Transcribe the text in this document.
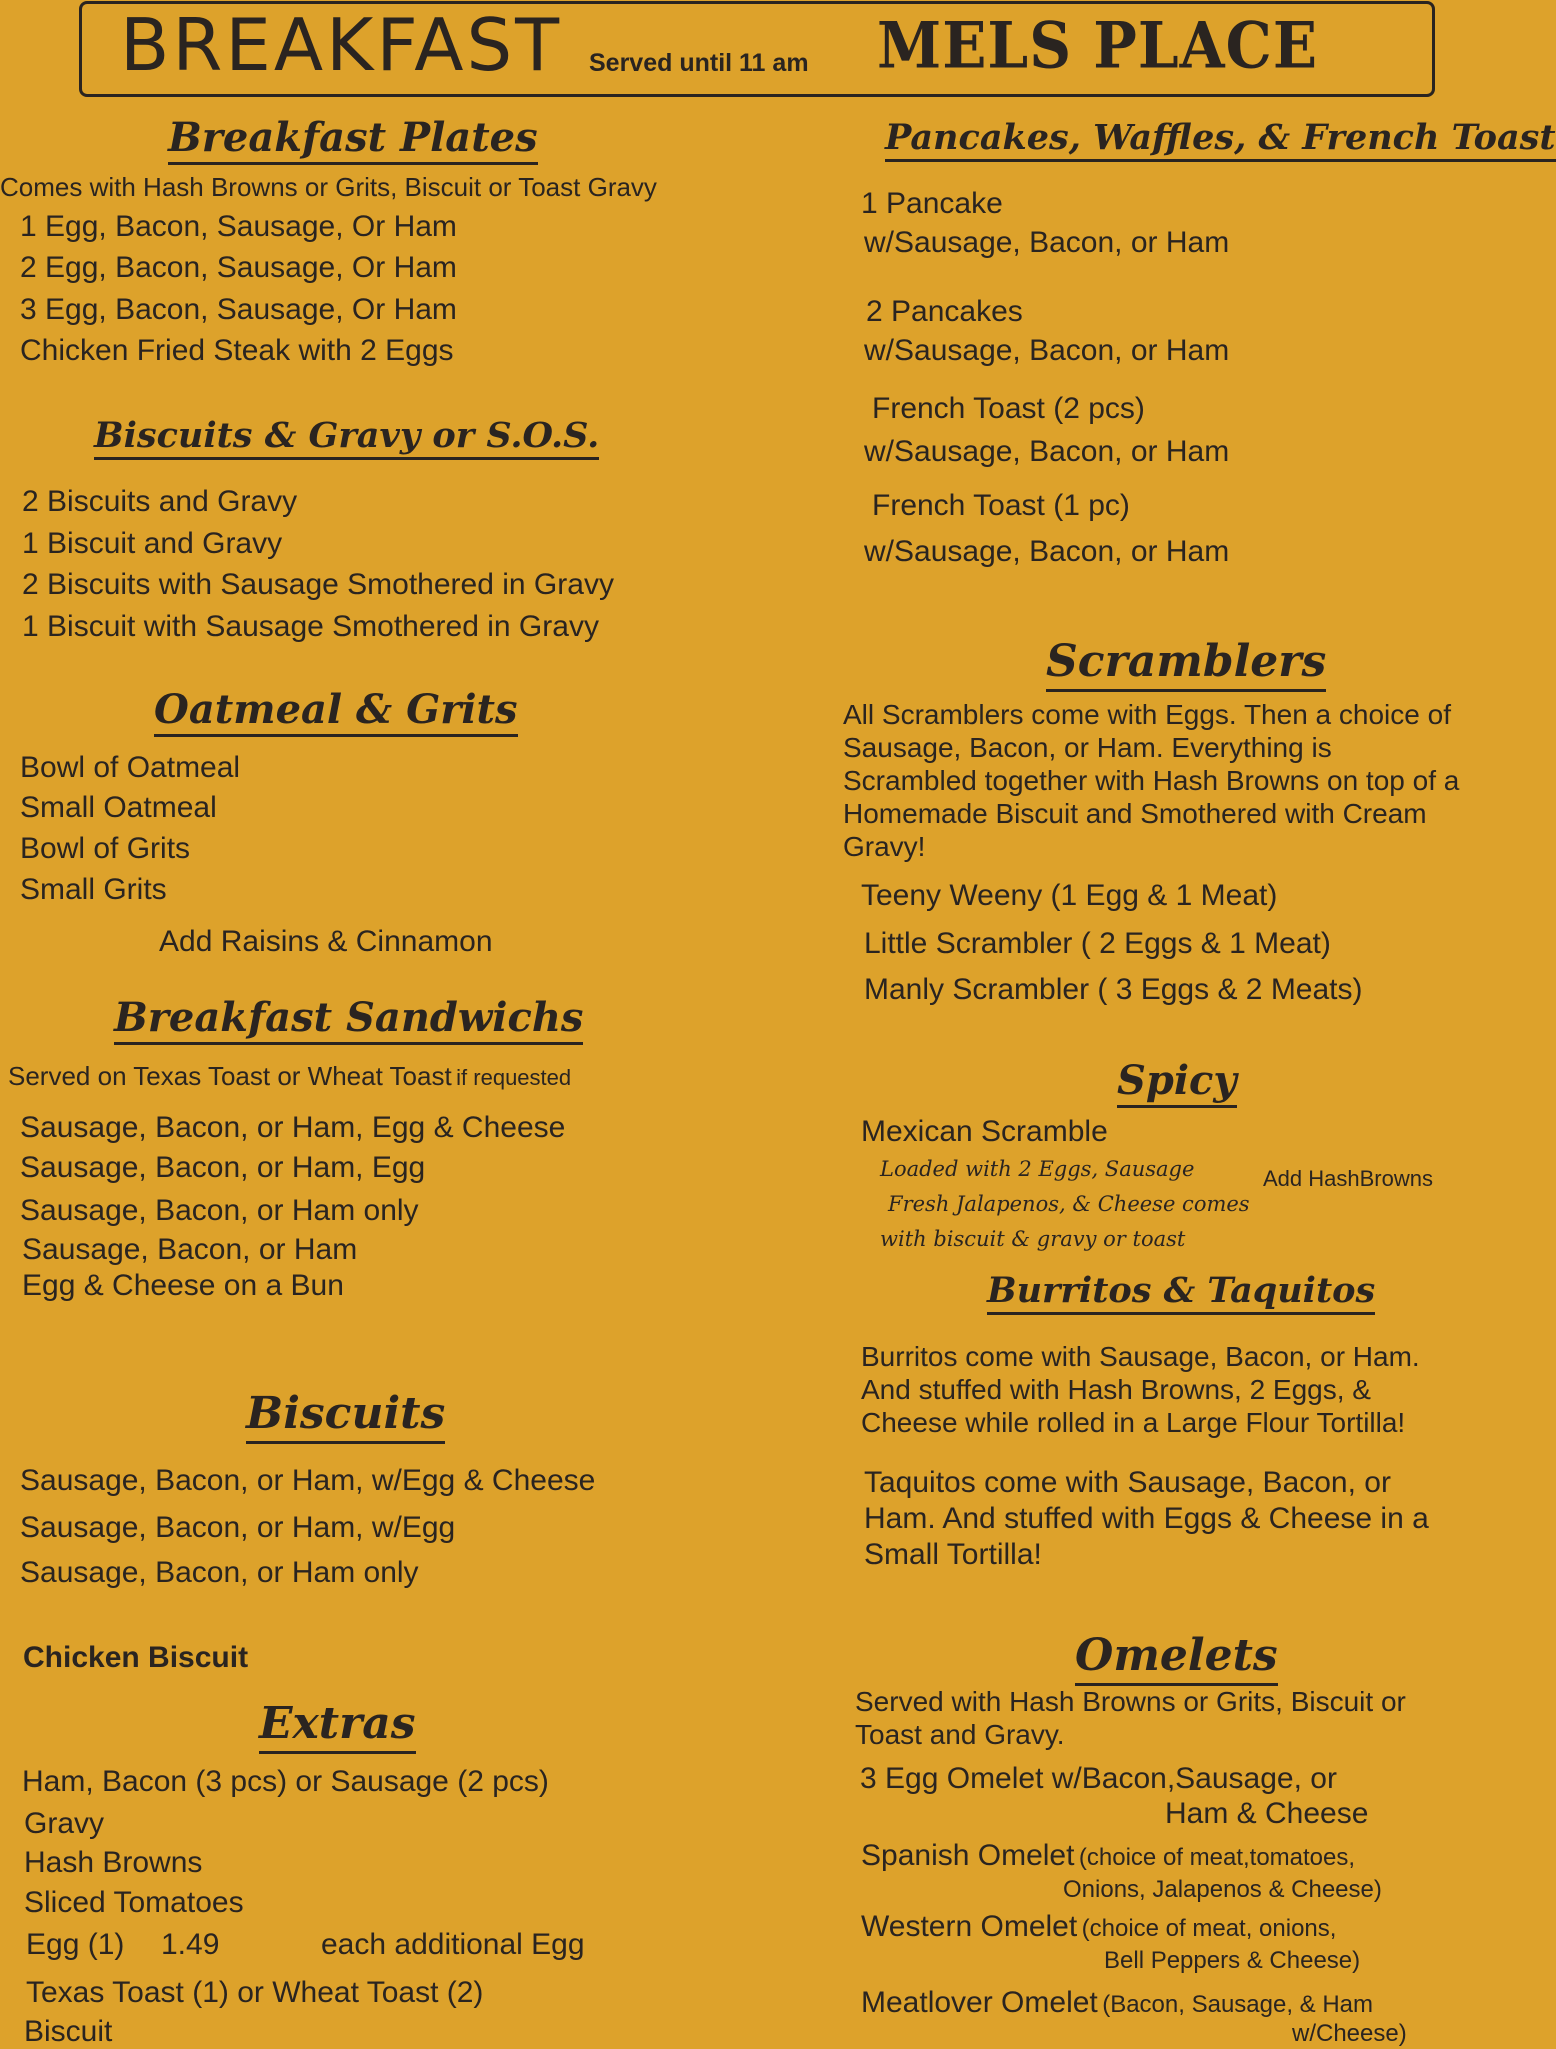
BREAKFAST Served until 11 am MELS PLACE
Breakfast Plates
Comes with Hash Browns or Grits, Biscuit or Toast Gravy
1 Egg, Bacon, Sausage, Or Ham
2 Egg, Bacon, Sausage, Or Ham
3 Egg, Bacon, Sausage, Or Ham
Chicken Fried Steak with 2 Eggs
Biscuits & Gravy or S.O.S.
2 Biscuits and Gravy
1 Biscuit and Gravy
2 Biscuits with Sausage Smothered in Gravy
1 Biscuit with Sausage Smothered in Gravy
Oatmeal & Grits
Bowl of Oatmeal
Small Oatmeal
Bowl of Grits
Small Grits
Add Raisins & Cinnamon
Breakfast Sandwichs
Served on Texas Toast or Wheat Toast if requested
Sausage, Bacon, or Ham, Egg & Cheese
Sausage, Bacon, or Ham, Egg
Sausage, Bacon, or Ham only
Sausage, Bacon, or Ham
Egg & Cheese on a Bun
Biscuits
Sausage, Bacon, or Ham, w/Egg & Cheese
Sausage, Bacon, or Ham, w/Egg
Sausage, Bacon, or Ham only
Chicken Biscuit
Extras
Ham, Bacon (3 pcs) or Sausage (2 pcs)
Gravy
Hash Browns
Sliced Tomatoes
Egg (1) 1.49	each additional Egg
Texas Toast (1) or Wheat Toast (2)
Biscuit
Pancakes, Waffles, & French Toast
1 Pancake
w/Sausage, Bacon, or Ham
2 Pancakes
w/Sausage, Bacon, or Ham
French Toast (2 pcs)
w/Sausage, Bacon, or Ham
French Toast (1 pc)
w/Sausage, Bacon, or Ham
Scramblers
All Scramblers come with Eggs. Then a choice of Sausage, Bacon, or Ham. Everything is Scrambled together with Hash Browns on top of a Homemade Biscuit and Smothered with Cream Gravy!
Teeny Weeny (1 Egg & 1 Meat)
Little Scrambler ( 2 Eggs & 1 Meat)
Manly Scrambler ( 3 Eggs & 2 Meats)
Spicy
Mexican Scramble
Loaded with 2 Eggs, Sausage
Fresh Jalapenos, & Cheese comes
with biscuit & gravy or toast
Add HashBrowns
Burritos & Taquitos
Burritos come with Sausage, Bacon, or Ham. And stuffed with Hash Browns, 2 Eggs, & Cheese while rolled in a Large Flour Tortilla!
Taquitos come with Sausage, Bacon, or Ham. And stuffed with Eggs & Cheese in a Small Tortilla!
Omelets
Served with Hash Browns or Grits, Biscuit or Toast and Gravy.
3 Egg Omelet w/Bacon,Sausage, or
Ham & Cheese
Spanish Omelet (choice of meat,tomatoes,
Onions, Jalapenos & Cheese)
Western Omelet (choice of meat, onions,
Bell Peppers & Cheese)
Meatlover Omelet (Bacon, Sausage, & Ham
w/Cheese)
